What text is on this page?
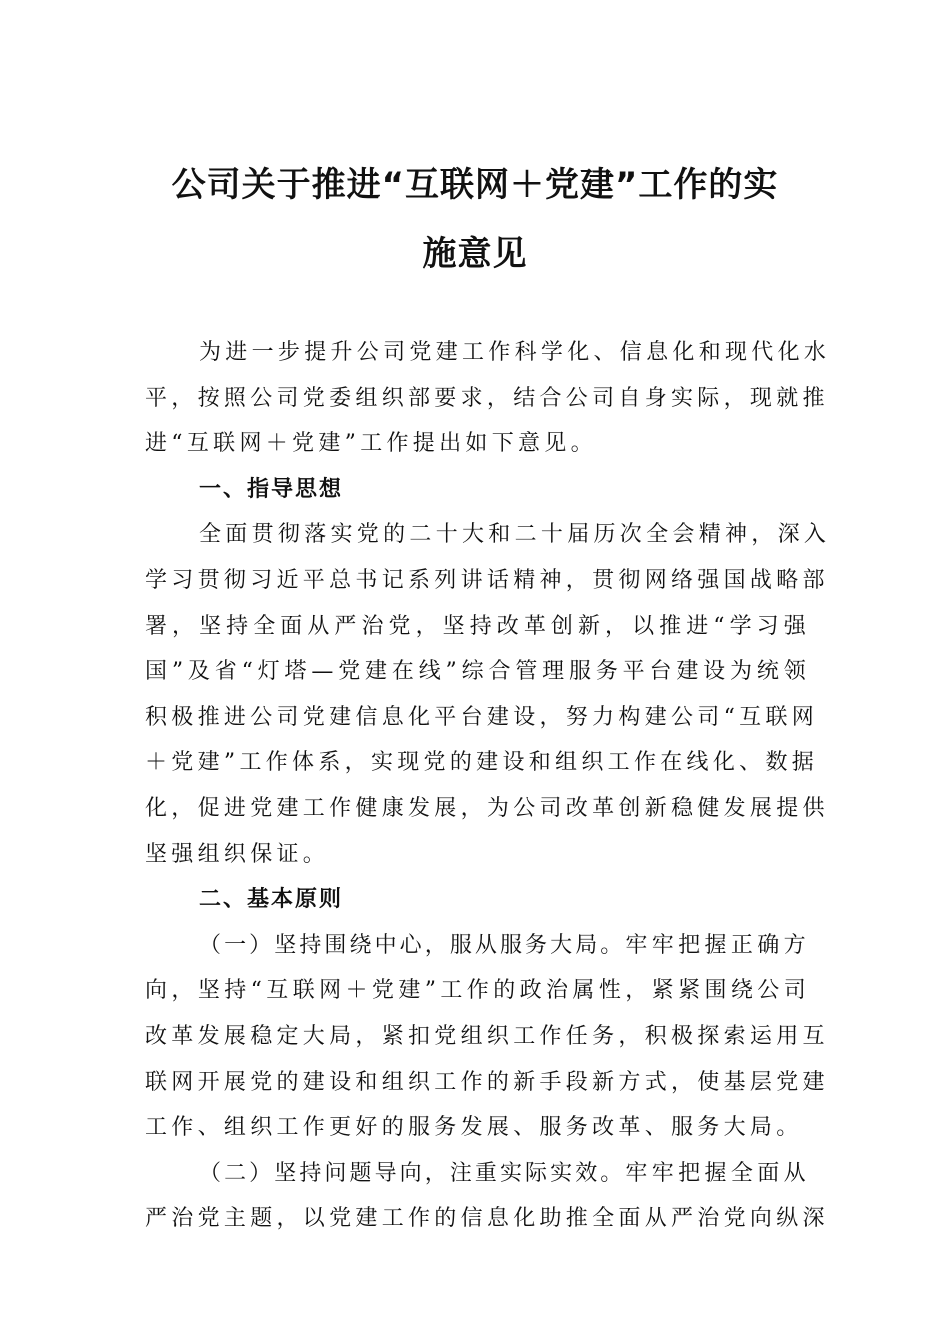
公司关于推进“互联网＋党建”工作的实
施意见
为进一步提升公司党建工作科学化、信息化和现代化水
平，按照公司党委组织部要求，结合公司自身实际，现就推
进“互联网＋党建”工作提出如下意见。
一、指导思想
全面贯彻落实党的二十大和二十届历次全会精神，深入
学习贯彻习近平总书记系列讲话精神，贯彻网络强国战略部
署，坚持全面从严治党，坚持改革创新，以推进“学习强
国”及省“灯塔—党建在线”综合管理服务平台建设为统领
积极推进公司党建信息化平台建设，努力构建公司“互联网
＋党建”工作体系，实现党的建设和组织工作在线化、数据
化，促进党建工作健康发展，为公司改革创新稳健发展提供
坚强组织保证。
二、基本原则
（一）坚持围绕中心，服从服务大局。牢牢把握正确方
向，坚持“互联网＋党建”工作的政治属性，紧紧围绕公司
改革发展稳定大局，紧扣党组织工作任务，积极探索运用互
联网开展党的建设和组织工作的新手段新方式，使基层党建
工作、组织工作更好的服务发展、服务改革、服务大局。
（二）坚持问题导向，注重实际实效。牢牢把握全面从
严治党主题，以党建工作的信息化助推全面从严治党向纵深
